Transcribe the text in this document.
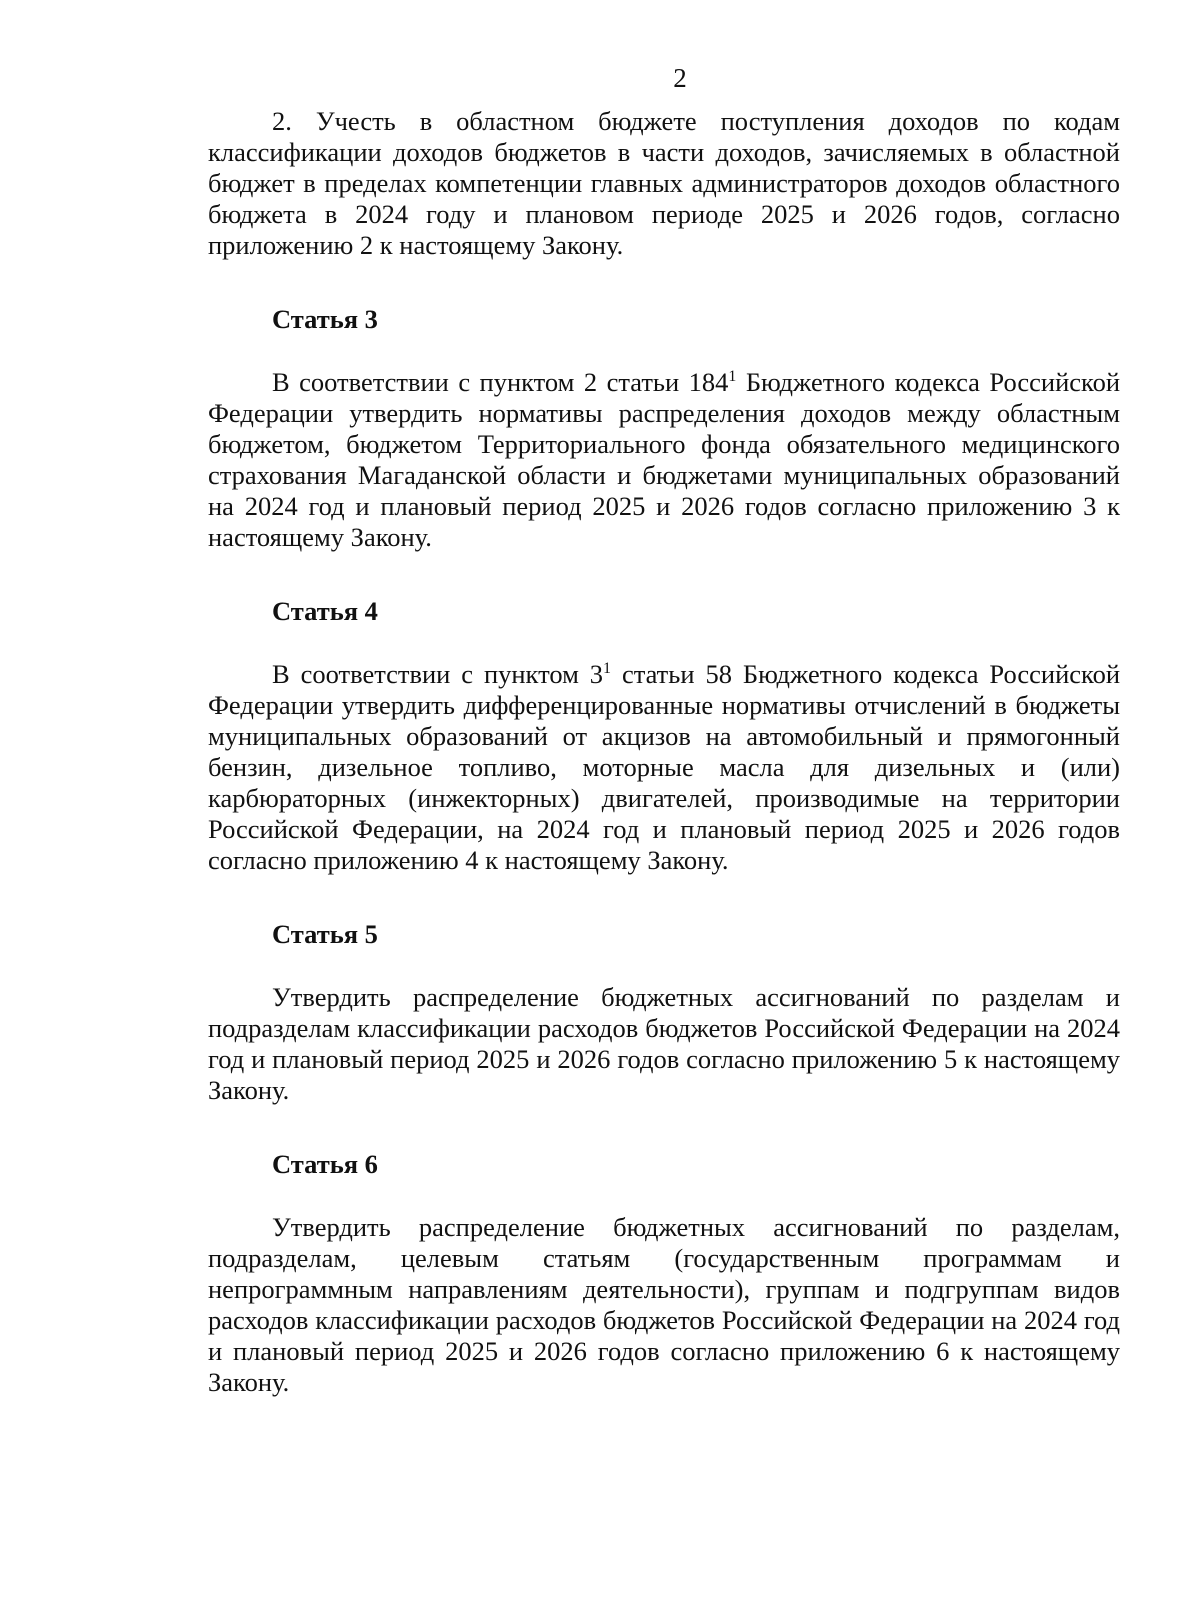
2

2. Учесть в областном бюджете поступления доходов по кодам классификации доходов бюджетов в части доходов, зачисляемых в областной бюджет в пределах компетенции главных администраторов доходов областного бюджета в 2024 году и плановом периоде 2025 и 2026 годов, согласно приложению 2 к настоящему Закону.

Статья 3

В соответствии с пунктом 2 статьи $184^1$ Бюджетного кодекса Российской Федерации утвердить нормативы распределения доходов между областным бюджетом, бюджетом Территориального фонда обязательного медицинского страхования Магаданской области и бюджетами муниципальных образований на 2024 год и плановый период 2025 и 2026 годов согласно приложению 3 к настоящему Закону.

Статья 4

В соответствии с пунктом $3^1$ статьи 58 Бюджетного кодекса Российской Федерации утвердить дифференцированные нормативы отчислений в бюджеты муниципальных образований от акцизов на автомобильный и прямогонный бензин, дизельное топливо, моторные масла для дизельных и (или) карбюраторных (инжекторных) двигателей, производимые на территории Российской Федерации, на 2024 год и плановый период 2025 и 2026 годов согласно приложению 4 к настоящему Закону.

Статья 5

Утвердить распределение бюджетных ассигнований по разделам и подразделам классификации расходов бюджетов Российской Федерации на 2024 год и плановый период 2025 и 2026 годов согласно приложению 5 к настоящему Закону.

Статья 6

Утвердить распределение бюджетных ассигнований по разделам, подразделам, целевым статьям (государственным программам и непрограммным направлениям деятельности), группам и подгруппам видов расходов классификации расходов бюджетов Российской Федерации на 2024 год и плановый период 2025 и 2026 годов согласно приложению 6 к настоящему Закону.
